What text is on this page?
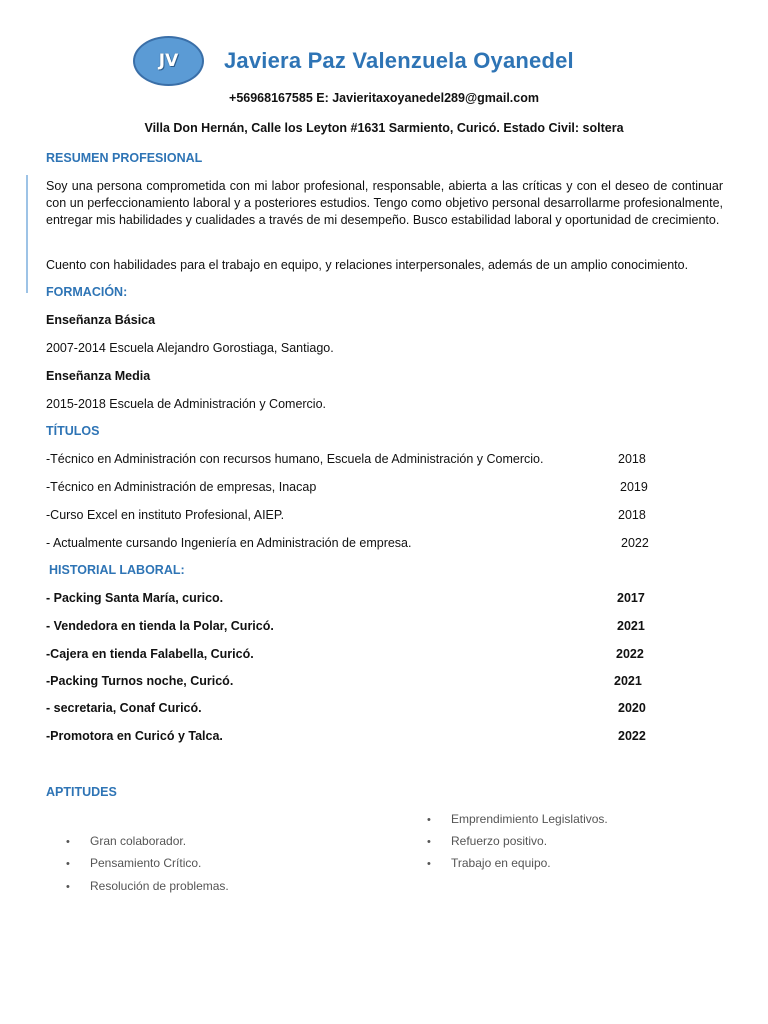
JV Javiera Paz Valenzuela Oyanedel
+56968167585 E: Javieritaxoyanedel289@gmail.com
Villa Don Hernán, Calle los Leyton #1631 Sarmiento, Curicó. Estado Civil: soltera
RESUMEN PROFESIONAL

Soy una persona comprometida con mi labor profesional, responsable, abierta a las críticas y con el deseo de continuar con un perfeccionamiento laboral y a posteriores estudios. Tengo como objetivo personal desarrollarme profesionalmente, entregar mis habilidades y cualidades a través de mi desempeño. Busco estabilidad laboral y oportunidad de crecimiento.

Cuento con habilidades para el trabajo en equipo, y relaciones interpersonales, además de un amplio conocimiento.

FORMACIÓN:
Enseñanza Básica
2007-2014 Escuela Alejandro Gorostiaga, Santiago.
Enseñanza Media
2015-2018 Escuela de Administración y Comercio.
TÍTULOS
-Técnico en Administración con recursos humano, Escuela de Administración y Comercio.	2018
-Técnico en Administración de empresas, Inacap	2019
-Curso Excel en instituto Profesional, AIEP.	2018
- Actualmente cursando Ingeniería en Administración de empresa.	2022
HISTORIAL LABORAL:
- Packing Santa María, curico.	2017
- Vendedora en tienda la Polar, Curicó.	2021
-Cajera en tienda Falabella, Curicó.	2022
-Packing Turnos noche, Curicó.	2021
- secretaria, Conaf Curicó.	2020
-Promotora en Curicó y Talca.	2022
APTITUDES
• Gran colaborador.
• Pensamiento Crítico.
• Resolución de problemas.
• Emprendimiento Legislativos.
• Refuerzo positivo.
• Trabajo en equipo.
